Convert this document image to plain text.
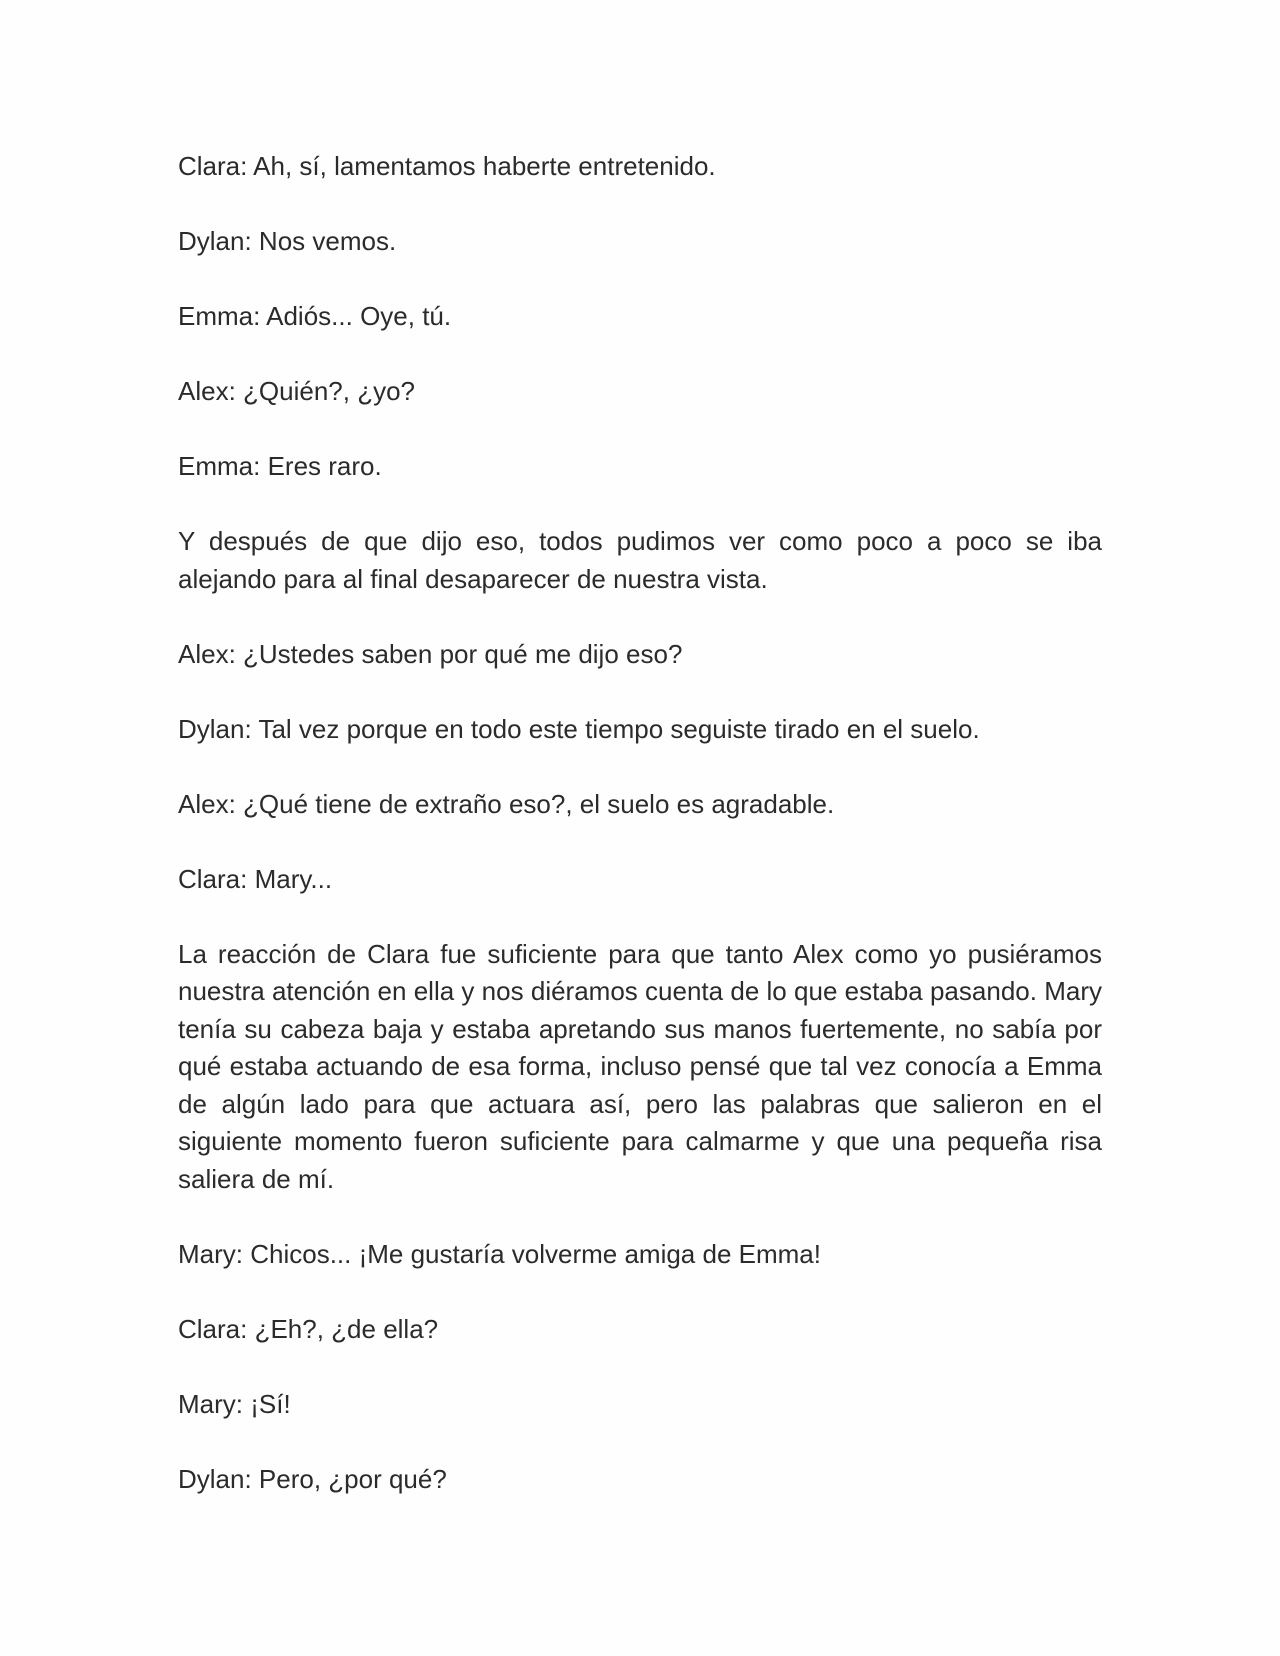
Clara: Ah, sí, lamentamos haberte entretenido.

Dylan: Nos vemos.

Emma: Adiós... Oye, tú.

Alex: ¿Quién?, ¿yo?

Emma: Eres raro.

Y después de que dijo eso, todos pudimos ver como poco a poco se iba alejando para al final desaparecer de nuestra vista.

Alex: ¿Ustedes saben por qué me dijo eso?

Dylan: Tal vez porque en todo este tiempo seguiste tirado en el suelo.

Alex: ¿Qué tiene de extraño eso?, el suelo es agradable.

Clara: Mary...

La reacción de Clara fue suficiente para que tanto Alex como yo pusiéramos nuestra atención en ella y nos diéramos cuenta de lo que estaba pasando. Mary tenía su cabeza baja y estaba apretando sus manos fuertemente, no sabía por qué estaba actuando de esa forma, incluso pensé que tal vez conocía a Emma de algún lado para que actuara así, pero las palabras que salieron en el siguiente momento fueron suficiente para calmarme y que una pequeña risa saliera de mí.

Mary: Chicos... ¡Me gustaría volverme amiga de Emma!

Clara: ¿Eh?, ¿de ella?

Mary: ¡Sí!

Dylan: Pero, ¿por qué?
